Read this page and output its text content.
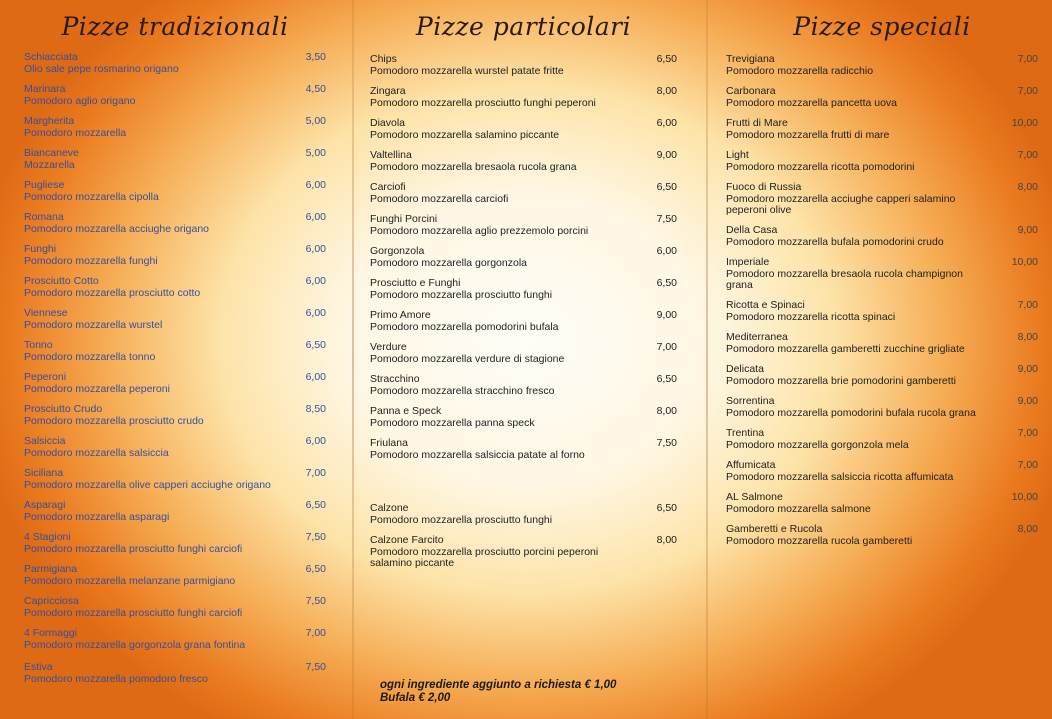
Pizze tradizionali
Schiacciata
Olio sale pepe rosmarino origano
3,50
Marinara
Pomodoro aglio origano
4,50
Margherita
Pomodoro mozzarella
5,00
Biancaneve
Mozzarella
5,00
Pugliese
Pomodoro mozzarella cipolla
6,00
Romana
Pomodoro mozzarella acciughe origano
6,00
Funghi
Pomodoro mozzarella funghi
6,00
Prosciutto Cotto
Pomodoro mozzarella prosciutto cotto
6,00
Viennese
Pomodoro mozzarella wurstel
6,00
Tonno
Pomodoro mozzarella tonno
6,50
Peperoni
Pomodoro mozzarella peperoni
6,00
Prosciutto Crudo
Pomodoro mozzarella prosciutto crudo
8,50
Salsiccia
Pomodoro mozzarella salsiccia
6,00
Siciliana
Pomodoro mozzarella olive capperi acciughe origano
7,00
Asparagi
Pomodoro mozzarella asparagi
6,50
4 Stagioni
Pomodoro mozzarella prosciutto funghi carciofi
7,50
Parmigiana
Pomodoro mozzarella melanzane parmigiano
6,50
Capricciosa
Pomodoro mozzarella prosciutto funghi carciofi
7,50
4 Formaggi
Pomodoro mozzarella gorgonzola grana fontina
7,00
Estiva
Pomodoro mozzarella pomodoro fresco
7,50
Pizze particolari
ogni ingrediente aggiunto a richiesta € 1,00
Bufala € 2,00
Chips
Pomodoro mozzarella wurstel patate fritte
6,50
Zingara
Pomodoro mozzarella prosciutto funghi peperoni
8,00
Diavola
Pomodoro mozzarella salamino piccante
6,00
Valtellina
Pomodoro mozzarella bresaola rucola grana
9,00
Carciofi
Pomodoro mozzarella carciofi
6,50
Funghi Porcini
Pomodoro mozzarella aglio prezzemolo porcini
7,50
Gorgonzola
Pomodoro mozzarella gorgonzola
6,00
Prosciutto e Funghi
Pomodoro mozzarella prosciutto funghi
6,50
Primo Amore
Pomodoro mozzarella pomodorini bufala
9,00
Verdure
Pomodoro mozzarella verdure di stagione
7,00
Stracchino
Pomodoro mozzarella stracchino fresco
6,50
Panna e Speck
Pomodoro mozzarella panna speck
8,00
Friulana
Pomodoro mozzarella salsiccia patate al forno
7,50
Calzone
Pomodoro mozzarella prosciutto funghi
6,50
Calzone Farcito
Pomodoro mozzarella prosciutto porcini peperoni salamino piccante
8,00
Pizze speciali
Trevigiana
Pomodoro mozzarella radicchio
7,00
Carbonara
Pomodoro mozzarella pancetta uova
7,00
Frutti di Mare
Pomodoro mozzarella frutti di mare
10,00
Light
Pomodoro mozzarella ricotta pomodorini
7,00
Fuoco di Russia
Pomodoro mozzarella acciughe capperi salamino peperoni olive
8,00
Della Casa
Pomodoro mozzarella bufala pomodorini crudo
9,00
Imperiale
Pomodoro mozzarella bresaola rucola champignon grana
10,00
Ricotta e Spinaci
Pomodoro mozzarella ricotta spinaci
7,00
Mediterranea
Pomodoro mozzarella gamberetti zucchine grigliate
8,00
Delicata
Pomodoro mozzarella brie pomodorini gamberetti
9,00
Sorrentina
Pomodoro mozzarella pomodorini bufala rucola grana
9,00
Trentina
Pomodoro mozzarella gorgonzola mela
7,00
Affumicata
Pomodoro mozzarella salsiccia ricotta affumicata
7,00
AL Salmone
Pomodoro mozzarella salmone
10,00
Gamberetti e Rucola
Pomodoro mozzarella rucola gamberetti
8,00
